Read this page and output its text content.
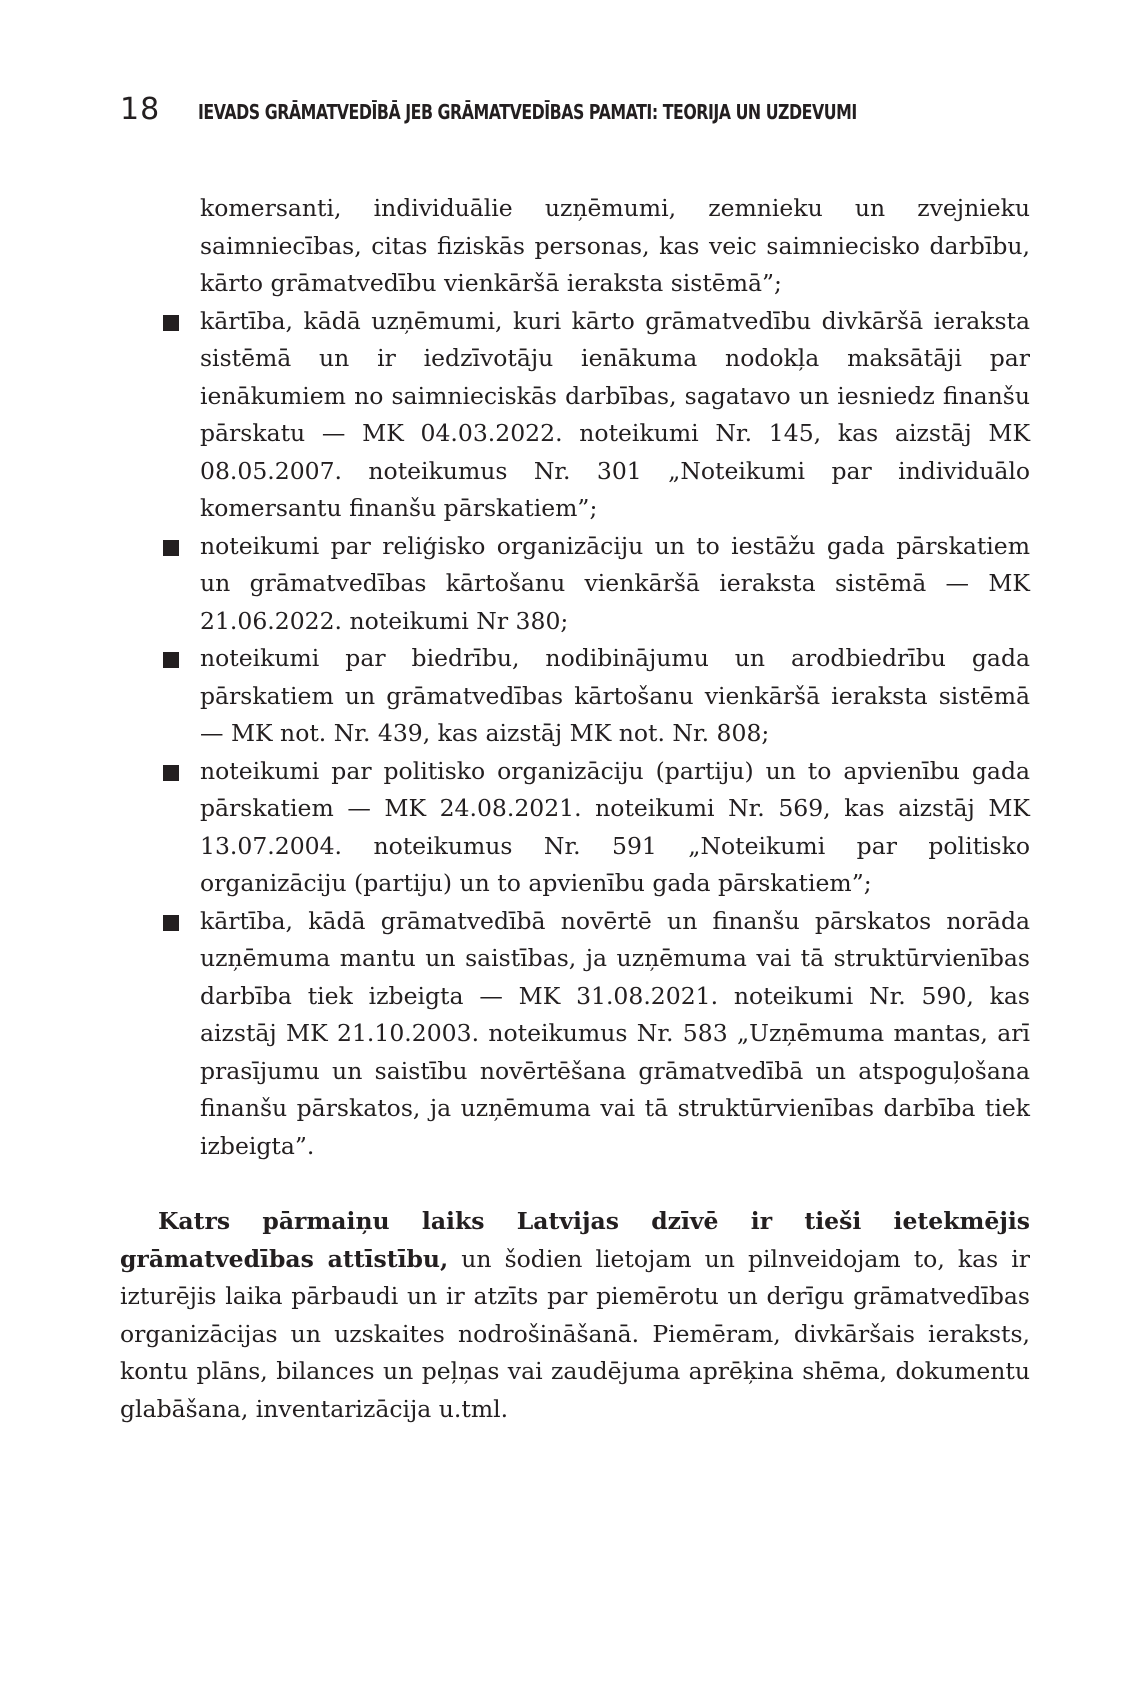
18	IEVADS GRĀMATVEDĪBĀ JEB GRĀMATVEDĪBAS PAMATI: TEORIJA UN UZDEVUMI
komersanti, individuālie uzņēmumi, zemnieku un zvejnieku saimniecības, citas fiziskās personas, kas veic saimniecisko darbību, kārto grāmatvedību vienkāršā ieraksta sistēmā”;
kārtība, kādā uzņēmumi, kuri kārto grāmatvedību divkāršā ieraksta sistēmā un ir iedzīvotāju ienākuma nodokļa maksātāji par ienākumiem no saimnieciskās darbības, sagatavo un iesniedz finanšu pārskatu — MK 04.03.2022. noteikumi Nr. 145, kas aizstāj MK 08.05.2007. noteikumus Nr. 301 „Noteikumi par individuālo komersantu finanšu pārskatiem”;
noteikumi par reliģisko organizāciju un to iestāžu gada pārskatiem un grāmatvedības kārtošanu vienkāršā ieraksta sistēmā — MK 21.06.2022. noteikumi Nr 380;
noteikumi par biedrību, nodibinājumu un arodbiedrību gada pārskatiem un grāmatvedības kārtošanu vienkāršā ieraksta sistēmā — MK not. Nr. 439, kas aizstāj MK not. Nr. 808;
noteikumi par politisko organizāciju (partiju) un to apvienību gada pārskatiem — MK 24.08.2021. noteikumi Nr. 569, kas aizstāj MK 13.07.2004. noteikumus Nr. 591 „Noteikumi par politisko organizāciju (partiju) un to apvienību gada pārskatiem”;
kārtība, kādā grāmatvedībā novērtē un finanšu pārskatos norāda uzņēmuma mantu un saistības, ja uzņēmuma vai tā struktūrvienības darbība tiek izbeigta — MK 31.08.2021. noteikumi Nr. 590, kas aizstāj MK 21.10.2003. noteikumus Nr. 583 „Uzņēmuma mantas, arī prasījumu un saistību novērtēšana grāmatvedībā un atspoguļošana finanšu pārskatos, ja uzņēmuma vai tā struktūrvienības darbība tiek izbeigta”.

Katrs pārmaiņu laiks Latvijas dzīvē ir tieši ietekmējis grāmatvedības attīstību, un šodien lietojam un pilnveidojam to, kas ir izturējis laika pārbaudi un ir atzīts par piemērotu un derīgu grāmatvedības organizācijas un uzskaites nodrošināšanā. Piemēram, divkāršais ieraksts, kontu plāns, bilances un peļņas vai zaudējuma aprēķina shēma, dokumentu glabāšana, inventarizācija u.tml.
